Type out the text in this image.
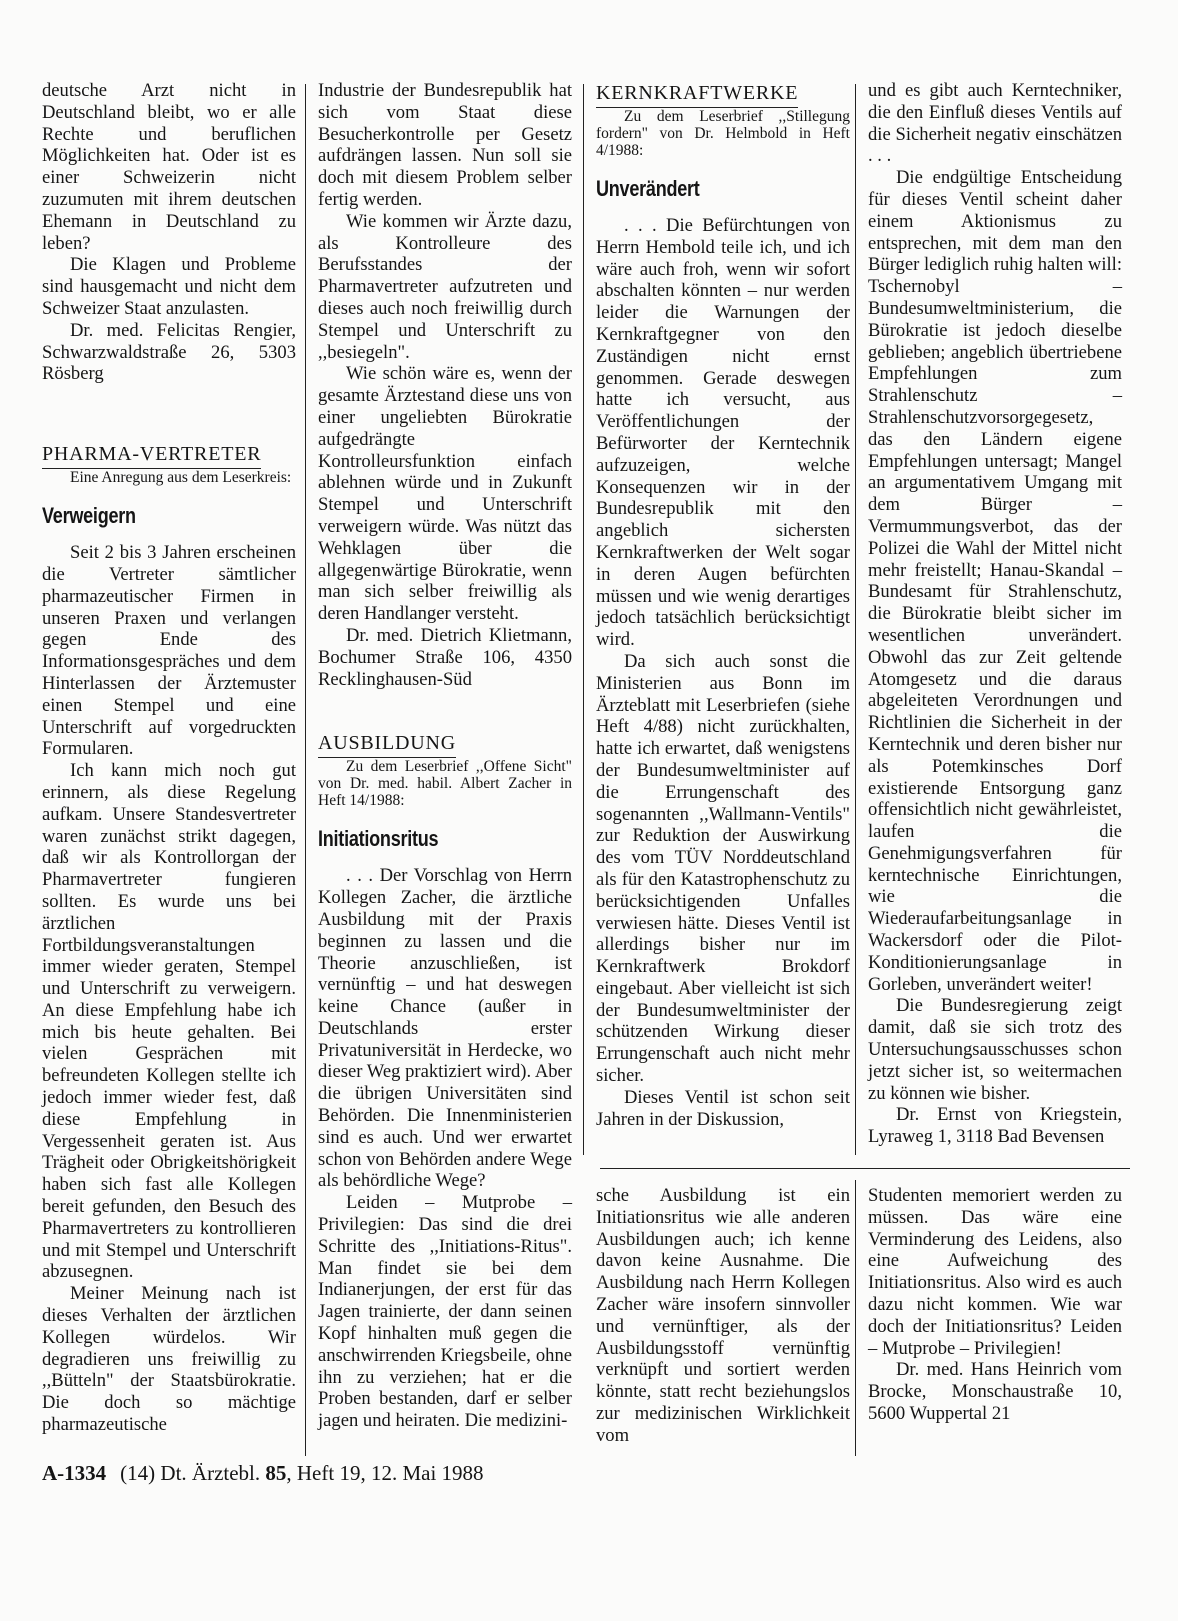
deutsche Arzt nicht in Deutschland bleibt, wo er alle Rechte und beruflichen Möglichkeiten hat. Oder ist es einer Schweizerin nicht zuzumuten mit ihrem deutschen Ehemann in Deutschland zu leben?

Die Klagen und Probleme sind hausgemacht und nicht dem Schweizer Staat anzulasten.

Dr. med. Felicitas Rengier, Schwarzwaldstraße 26, 5303 Rösberg

PHARMA-VERTRETER

Eine Anregung aus dem Leserkreis:

Verweigern

Seit 2 bis 3 Jahren erscheinen die Vertreter sämtlicher pharmazeutischer Firmen in unseren Praxen und verlangen gegen Ende des Informationsgespräches und dem Hinterlassen der Ärztemuster einen Stempel und eine Unterschrift auf vorgedruckten Formularen.

Ich kann mich noch gut erinnern, als diese Regelung aufkam. Unsere Standesvertreter waren zunächst strikt dagegen, daß wir als Kontrollorgan der Pharmavertreter fungieren sollten. Es wurde uns bei ärztlichen Fortbildungsveranstaltungen immer wieder geraten, Stempel und Unterschrift zu verweigern. An diese Empfehlung habe ich mich bis heute gehalten. Bei vielen Gesprächen mit befreundeten Kollegen stellte ich jedoch immer wieder fest, daß diese Empfehlung in Vergessenheit geraten ist. Aus Trägheit oder Obrigkeitshörigkeit haben sich fast alle Kollegen bereit gefunden, den Besuch des Pharmavertreters zu kontrollieren und mit Stempel und Unterschrift abzusegnen.

Meiner Meinung nach ist dieses Verhalten der ärztlichen Kollegen würdelos. Wir degradieren uns freiwillig zu ,,Bütteln" der Staatsbürokratie. Die doch so mächtige pharmazeutische

Industrie der Bundesrepublik hat sich vom Staat diese Besucherkontrolle per Gesetz aufdrängen lassen. Nun soll sie doch mit diesem Problem selber fertig werden.

Wie kommen wir Ärzte dazu, als Kontrolleure des Berufsstandes der Pharmavertreter aufzutreten und dieses auch noch freiwillig durch Stempel und Unterschrift zu ,,besiegeln".

Wie schön wäre es, wenn der gesamte Ärztestand diese uns von einer ungeliebten Bürokratie aufgedrängte Kontrolleursfunktion einfach ablehnen würde und in Zukunft Stempel und Unterschrift verweigern würde. Was nützt das Wehklagen über die allgegenwärtige Bürokratie, wenn man sich selber freiwillig als deren Handlanger versteht.

Dr. med. Dietrich Klietmann, Bochumer Straße 106, 4350 Recklinghausen-Süd

AUSBILDUNG

Zu dem Leserbrief ,,Offene Sicht" von Dr. med. habil. Albert Zacher in Heft 14/1988:

Initiationsritus

. . . Der Vorschlag von Herrn Kollegen Zacher, die ärztliche Ausbildung mit der Praxis beginnen zu lassen und die Theorie anzuschließen, ist vernünftig – und hat deswegen keine Chance (außer in Deutschlands erster Privatuniversität in Herdecke, wo dieser Weg praktiziert wird). Aber die übrigen Universitäten sind Behörden. Die Innenministerien sind es auch. Und wer erwartet schon von Behörden andere Wege als behördliche Wege?

Leiden – Mutprobe – Privilegien: Das sind die drei Schritte des ,,Initiations-Ritus". Man findet sie bei dem Indianerjungen, der erst für das Jagen trainierte, der dann seinen Kopf hinhalten muß gegen die anschwirrenden Kriegsbeile, ohne ihn zu verziehen; hat er die Proben bestanden, darf er selber jagen und heiraten. Die medizini-

KERNKRAFTWERKE

Zu dem Leserbrief ,,Stillegung fordern" von Dr. Helmbold in Heft 4/1988:

Unverändert

. . . Die Befürchtungen von Herrn Hembold teile ich, und ich wäre auch froh, wenn wir sofort abschalten könnten – nur werden leider die Warnungen der Kernkraftgegner von den Zuständigen nicht ernst genommen. Gerade deswegen hatte ich versucht, aus Veröffentlichungen der Befürworter der Kerntechnik aufzuzeigen, welche Konsequenzen wir in der Bundesrepublik mit den angeblich sichersten Kernkraftwerken der Welt sogar in deren Augen befürchten müssen und wie wenig derartiges jedoch tatsächlich berücksichtigt wird.

Da sich auch sonst die Ministerien aus Bonn im Ärzteblatt mit Leserbriefen (siehe Heft 4/88) nicht zurückhalten, hatte ich erwartet, daß wenigstens der Bundesumweltminister auf die Errungenschaft des sogenannten ,,Wallmann-Ventils" zur Reduktion der Auswirkung des vom TÜV Norddeutschland als für den Katastrophenschutz zu berücksichtigenden Unfalles verwiesen hätte. Dieses Ventil ist allerdings bisher nur im Kernkraftwerk Brokdorf eingebaut. Aber vielleicht ist sich der Bundesumweltminister der schützenden Wirkung dieser Errungenschaft auch nicht mehr sicher.

Dieses Ventil ist schon seit Jahren in der Diskussion,

und es gibt auch Kerntechniker, die den Einfluß dieses Ventils auf die Sicherheit negativ einschätzen . . .

Die endgültige Entscheidung für dieses Ventil scheint daher einem Aktionismus zu entsprechen, mit dem man den Bürger lediglich ruhig halten will: Tschernobyl – Bundesumweltministerium, die Bürokratie ist jedoch dieselbe geblieben; angeblich übertriebene Empfehlungen zum Strahlenschutz – Strahlenschutzvorsorgegesetz, das den Ländern eigene Empfehlungen untersagt; Mangel an argumentativem Umgang mit dem Bürger – Vermummungsverbot, das der Polizei die Wahl der Mittel nicht mehr freistellt; Hanau-Skandal – Bundesamt für Strahlenschutz, die Bürokratie bleibt sicher im wesentlichen unverändert. Obwohl das zur Zeit geltende Atomgesetz und die daraus abgeleiteten Verordnungen und Richtlinien die Sicherheit in der Kerntechnik und deren bisher nur als Potemkinsches Dorf existierende Entsorgung ganz offensichtlich nicht gewährleistet, laufen die Genehmigungsverfahren für kerntechnische Einrichtungen, wie die Wiederaufarbeitungsanlage in Wackersdorf oder die Pilot-Konditionierungsanlage in Gorleben, unverändert weiter!

Die Bundesregierung zeigt damit, daß sie sich trotz des Untersuchungsausschusses schon jetzt sicher ist, so weitermachen zu können wie bisher.

Dr. Ernst von Kriegstein, Lyraweg 1, 3118 Bad Bevensen

sche Ausbildung ist ein Initiationsritus wie alle anderen Ausbildungen auch; ich kenne davon keine Ausnahme. Die Ausbildung nach Herrn Kollegen Zacher wäre insofern sinnvoller und vernünftiger, als der Ausbildungsstoff vernünftig verknüpft und sortiert werden könnte, statt recht beziehungslos zur medizinischen Wirklichkeit vom

Studenten memoriert werden zu müssen. Das wäre eine Verminderung des Leidens, also eine Aufweichung des Initiationsritus. Also wird es auch dazu nicht kommen. Wie war doch der Initiationsritus? Leiden – Mutprobe – Privilegien!

Dr. med. Hans Heinrich vom Brocke, Monschaustraße 10, 5600 Wuppertal 21

A-1334 (14) Dt. Ärztebl. 85, Heft 19, 12. Mai 1988
